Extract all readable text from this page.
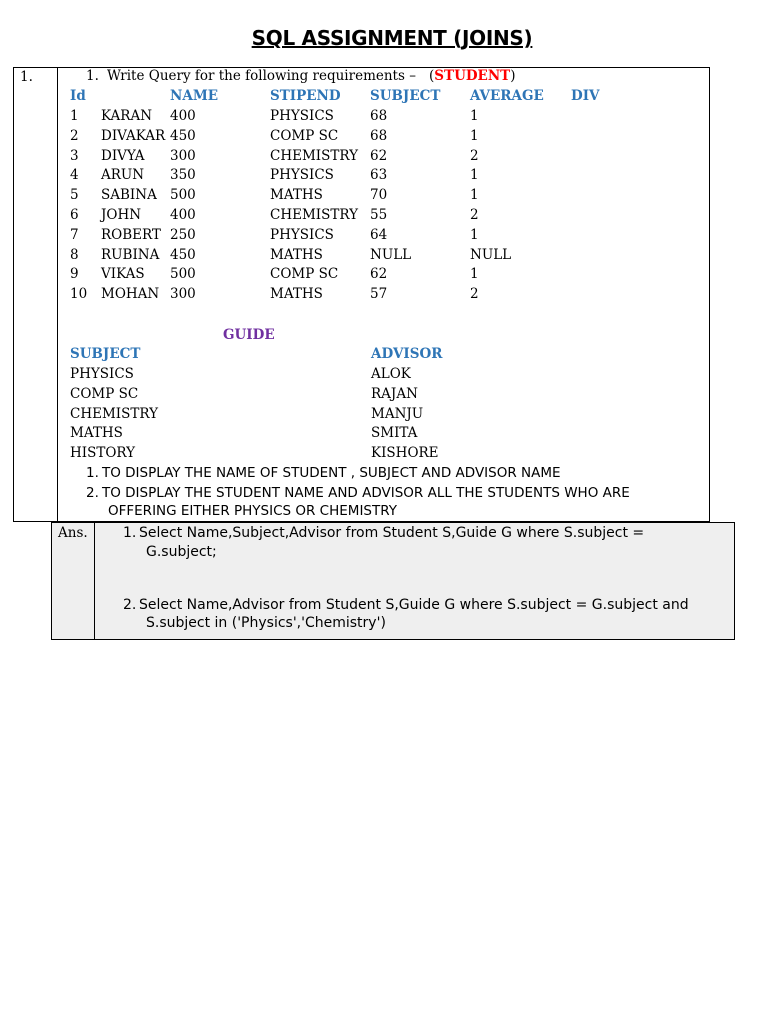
SQL ASSIGNMENT (JOINS)
1.	1. Write Query for the following requirements – (STUDENT)
Id	NAME	STIPEND SUBJECT AVERAGE DIV
1 KARAN 400	PHYSICS	68	1
2 DIVAKAR 450	COMP SC 68	1
3 DIVYA 300	CHEMISTRY 62	2
4 ARUN 350	PHYSICS	63	1
5 SABINA 500	MATHS	70	1
6 JOHN 400	CHEMISTRY 55	2
7 ROBERT 250	PHYSICS	64	1
8 RUBINA 450	MATHS	NULL	NULL
9 VIKAS 500	COMP SC 62	1
10 MOHAN 300	MATHS	57	2
GUIDE
SUBJECT	ADVISOR
PHYSICS	ALOK
COMP SC	RAJAN
CHEMISTRY	MANJU
MATHS	SMITA
HISTORY	KISHORE
1. TO DISPLAY THE NAME OF STUDENT , SUBJECT AND ADVISOR NAME
2. TO DISPLAY THE STUDENT NAME AND ADVISOR ALL THE STUDENTS WHO ARE
OFFERING EITHER PHYSICS OR CHEMISTRY
Ans.	1. Select Name,Subject,Advisor from Student S,Guide G where S.subject =
G.subject;
2. Select Name,Advisor from Student S,Guide G where S.subject = G.subject and
S.subject in ('Physics','Chemistry')
